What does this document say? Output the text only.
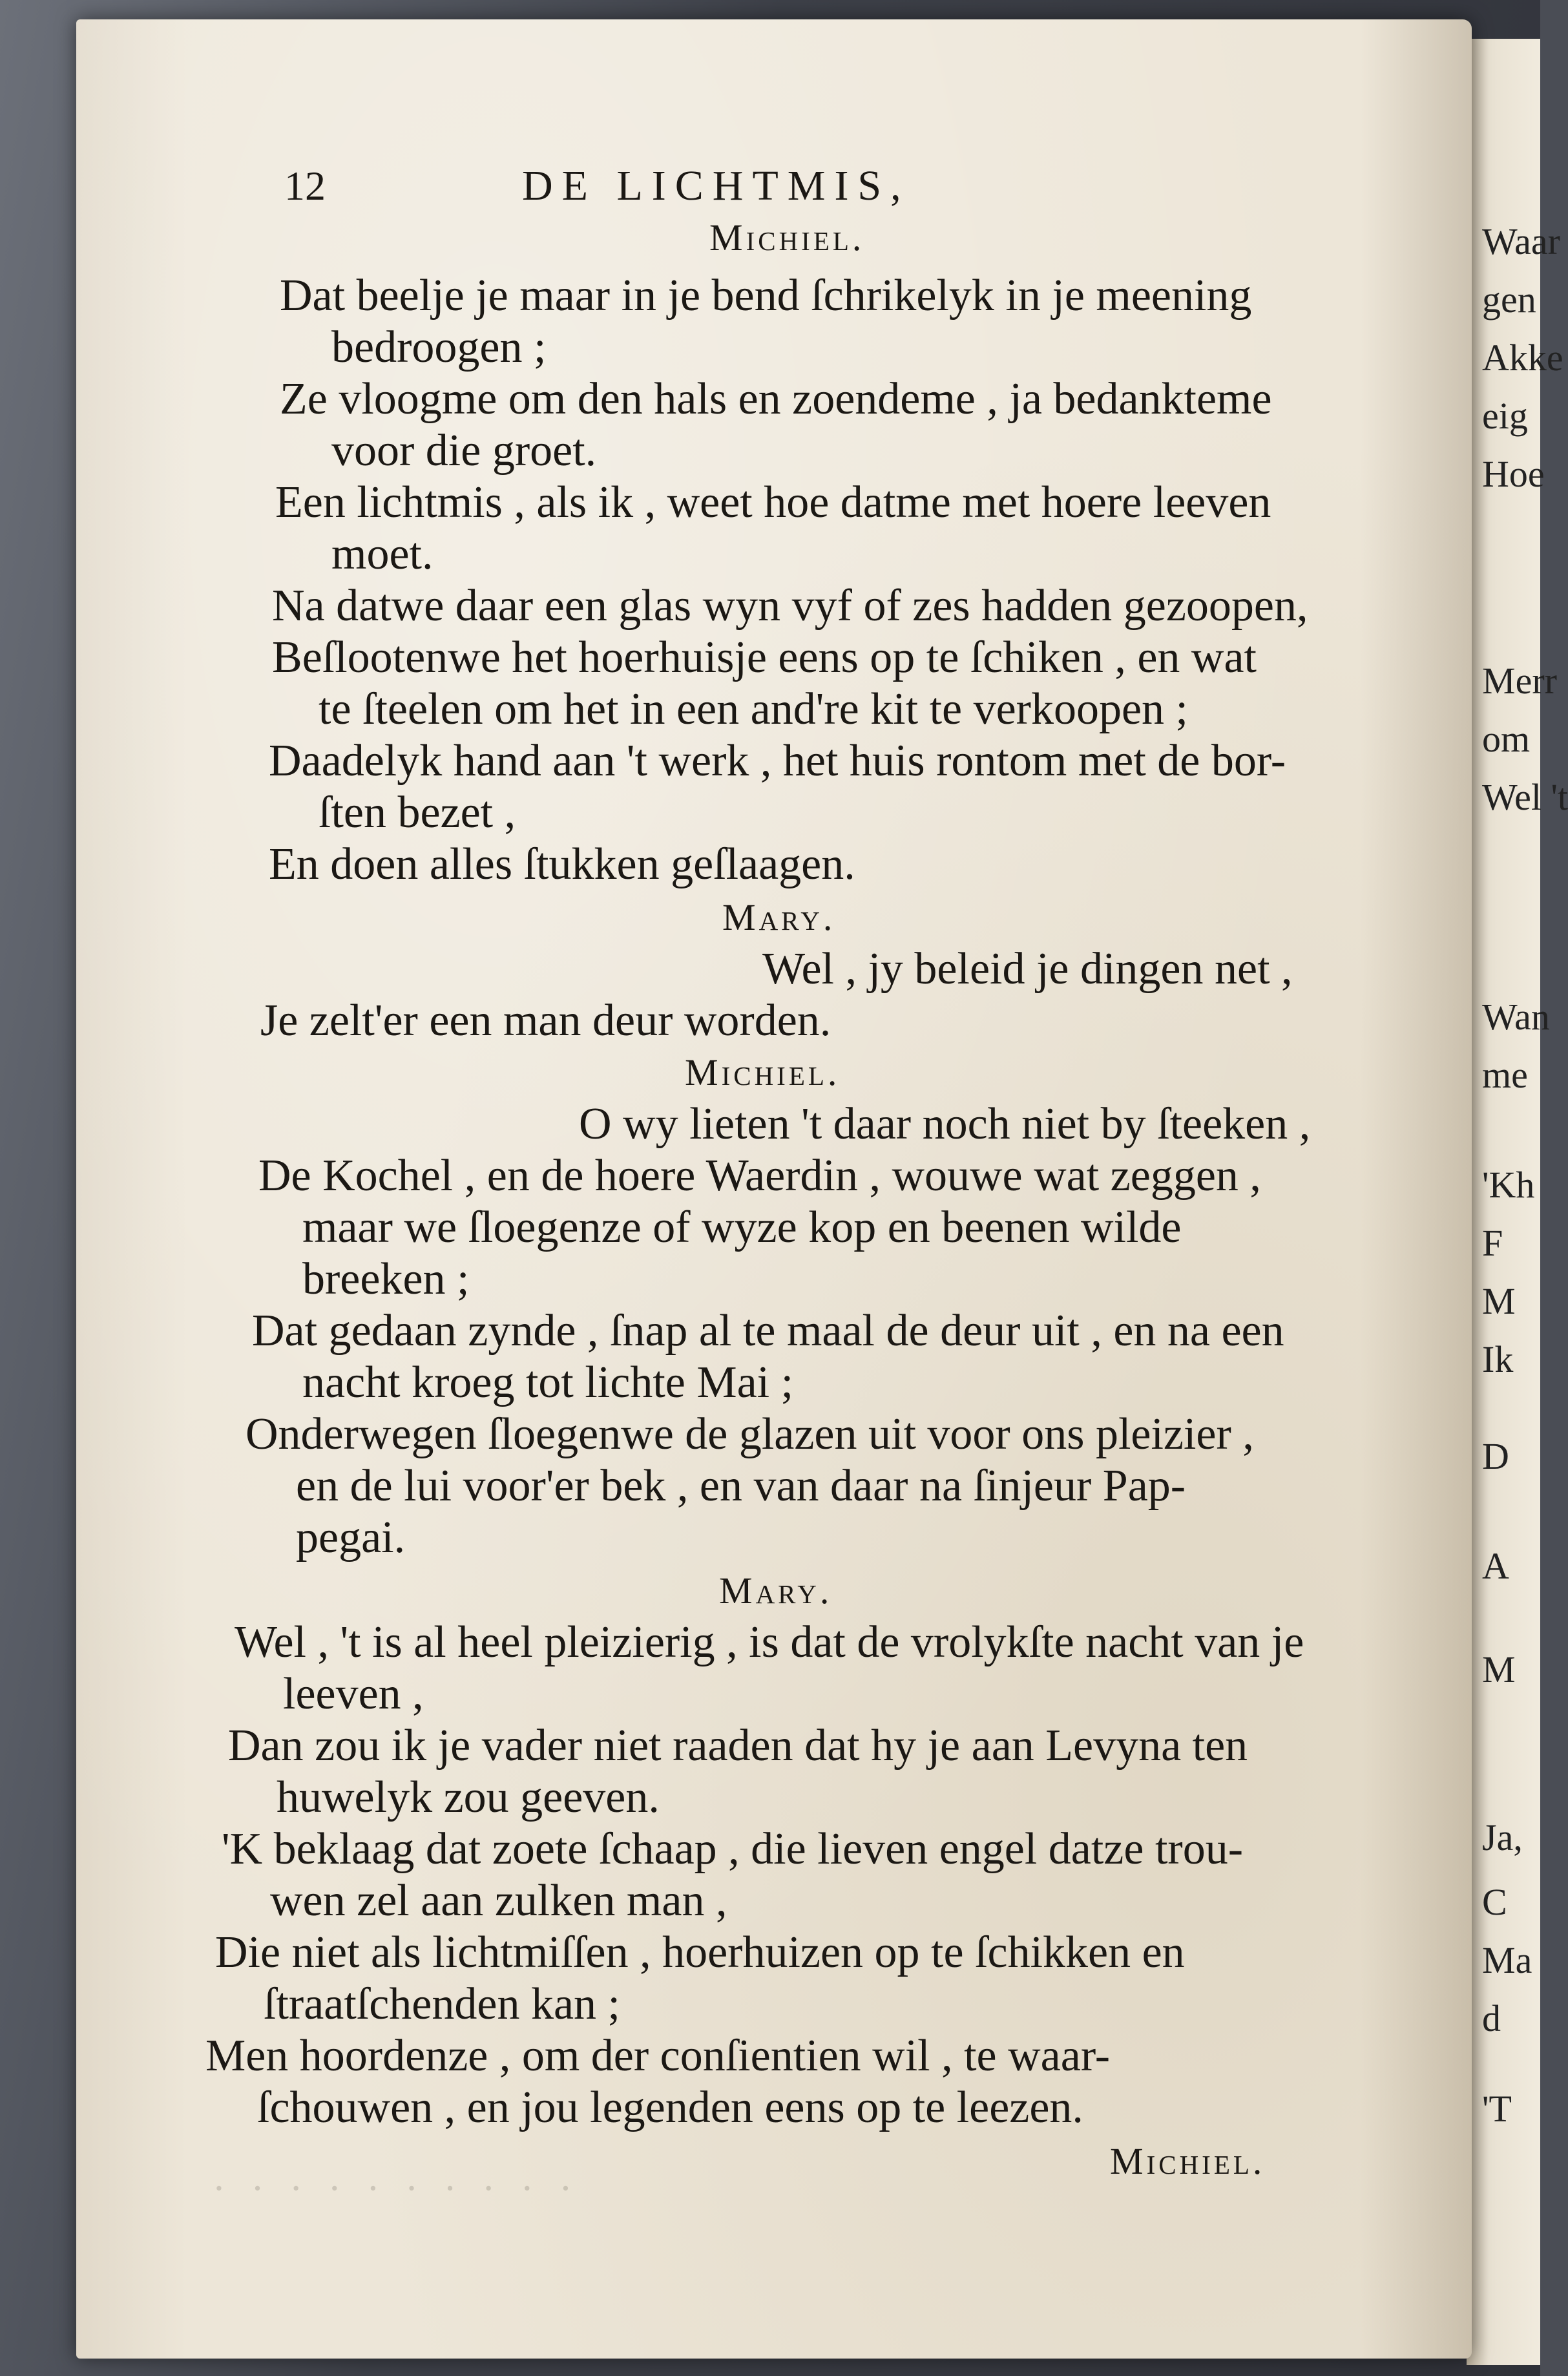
Waar
gen
Akke
eig
Hoe
Merr
om
Wel 't
Wan
me
'Kh
F
M
Ik
D
A
M
Ja,
C
Ma
d
'T
· · · · · · · · · ·
12	DE LICHTMIS,
Michiel.
Dat beelje je maar in je bend ſchrikelyk in je meening
bedroogen ;
Ze vloogme om den hals en zoendeme , ja bedankteme
voor die groet.
Een lichtmis , als ik , weet hoe datme met hoere leeven
moet.
Na datwe daar een glas wyn vyf of zes hadden gezoopen,
Beſlootenwe het hoerhuisje eens op te ſchiken , en wat
te ſteelen om het in een and're kit te verkoopen ;
Daadelyk hand aan 't werk , het huis rontom met de bor-
ſten bezet ,
En doen alles ſtukken geſlaagen.
Mary.
Wel , jy beleid je dingen net ,
Je zelt'er een man deur worden.
Michiel.
O wy lieten 't daar noch niet by ſteeken ,
De Kochel , en de hoere Waerdin , wouwe wat zeggen ,
maar we ſloegenze of wyze kop en beenen wilde
breeken ;
Dat gedaan zynde , ſnap al te maal de deur uit , en na een
nacht kroeg tot lichte Mai ;
Onderwegen ſloegenwe de glazen uit voor ons pleizier ,
en de lui voor'er bek , en van daar na ſinjeur Pap-
pegai.
Mary.
Wel , 't is al heel pleizierig , is dat de vrolykſte nacht van je
leeven ,
Dan zou ik je vader niet raaden dat hy je aan Levyna ten
huwelyk zou geeven.
'K beklaag dat zoete ſchaap , die lieven engel datze trou-
wen zel aan zulken man ,
Die niet als lichtmiſſen , hoerhuizen op te ſchikken en
ſtraatſchenden kan ;
Men hoordenze , om der conſientien wil , te waar-
ſchouwen , en jou legenden eens op te leezen.
Michiel.
